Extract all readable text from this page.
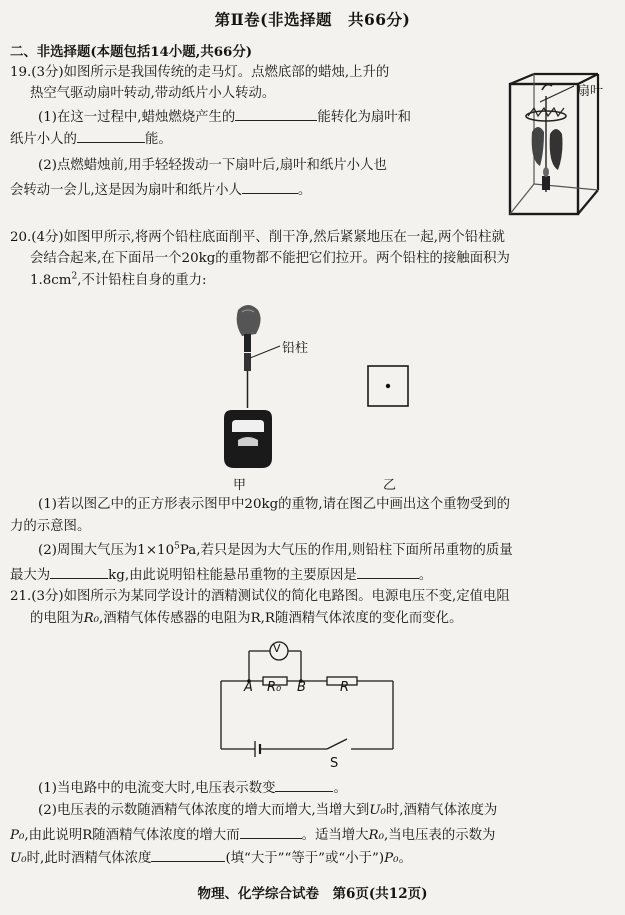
第Ⅱ卷(非选择题　共66分)
二、非选择题(本题包括14小题,共66分)
19.(3分)如图所示是我国传统的走马灯。点燃底部的蜡烛,上升的
热空气驱动扇叶转动,带动纸片小人转动。
(1)在这一过程中,蜡烛燃烧产生的	能转化为扇叶和
纸片小人的	能。
(2)点燃蜡烛前,用手轻轻拨动一下扇叶后,扇叶和纸片小人也
会转动一会儿,这是因为扇叶和纸片小人	。
扇叶
20.(4分)如图甲所示,将两个铅柱底面削平、削干净,然后紧紧地压在一起,两个铅柱就
会结合起来,在下面吊一个20kg的重物都不能把它们拉开。两个铅柱的接触面积为
$1.8cm^2$,不计铅柱自身的重力:
铅柱
甲	乙
(1)若以图乙中的正方形表示图甲中20kg的重物,请在图乙中画出这个重物受到的
力的示意图。
(2)周围大气压为$1\times 10^5Pa$,若只是因为大气压的作用,则铅柱下面所吊重物的质量
最大为	kg,由此说明铅柱能悬吊重物的主要原因是	。
21.(3分)如图所示为某同学设计的酒精测试仪的简化电路图。电源电压不变,定值电阻
的电阻为R₀,酒精气体传感器的电阻为R,R随酒精气体浓度的变化而变化。
V
A R₀ B	R
S
(1)当电路中的电流变大时,电压表示数变	。
(2)电压表的示数随酒精气体浓度的增大而增大,当增大到U₀时,酒精气体浓度为
P₀,由此说明R随酒精气体浓度的增大而	。适当增大R₀,当电压表的示数为
U₀时,此时酒精气体浓度	(填“大于”“等于”或“小于”)P₀。
物理、化学综合试卷　第6页(共12页)
